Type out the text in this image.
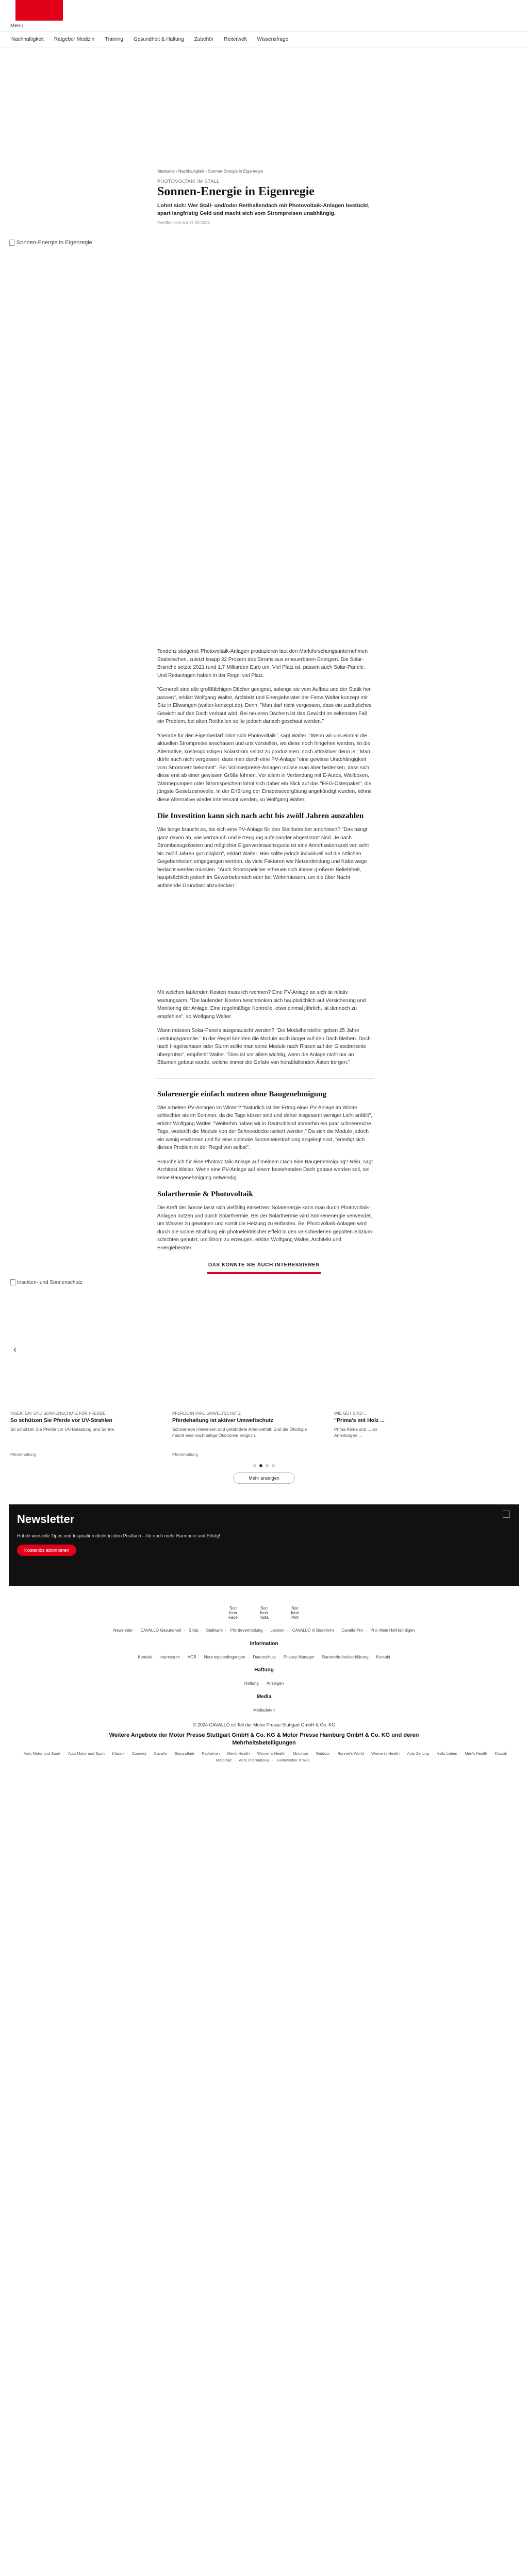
Menü
Nachhaltigkeit	Ratgeber Medizin	Training	Gesundheit & Haltung	Zubehör	Reiterwelt	Wissensfrage
Startseite › Nachhaltigkeit › Sonnen-Energie in Eigenregie
PHOTOVOLTAIK IM STALL
Sonnen-Energie in Eigenregie
Lohnt sich: Wer Stall- und/oder Reithallendach mit Photovoltaik-Anlagen bestückt, spart langfristig Geld und macht sich vom Strompreisen unabhängig.
Veröffentlicht am 17.03.2024
Sonnen-Energie in Eigenregie

Tendenz steigend: Photovoltaik-Anlagen produzieren laut den Marktforschungsunternehmen Statistischen, zuletzt knapp 22 Prozent des Stroms aus erneuerbaren Energien. Die Solar-Branche setzte 2021 rund 1,7 Milliarden Euro um. Viel Platz ist, passen auch Solar-Panele. Und Reitanlagen haben in der Regel viel Platz.

"Generell sind alle großflächigen Dächer geeignet, solange sie vom Aufbau und der Statik her passen", erklärt Wolfgang Walter, Architekt und Energieberater der Firma Walter konzept mit Sitz in Ellwangen (walter-konzept.de). Denn: "Man darf nicht vergessen, dass ein zusätzliches Gewicht auf das Dach verbaut wird. Bei neueren Dächern ist das Gewicht im seltensten Fall ein Problem, bei alten Reithallen sollte jedoch danach geschaut werden."

"Gerade für den Eigenbedarf lohnt sich Photovoltaik", sagt Walter. "Wenn wir uns einmal die aktuellen Strompreise anschauen und uns vorstellen, wo diese noch hingehen werden, ist die Alternative, kostengünstigen Solarstrom selbst zu produzieren, noch attraktiver denn je." Man dürfe auch nicht vergessen, dass man durch eine PV-Anlage "eine gewisse Unabhängigkeit vom Stromnetz bekommt". Bei Vollmietpreise-Anlagen müsse man aber bedenken, dass sich diese erst ab einer gewissen Größe lohnen. Vor allem in Verbindung mit E-Autos, Wallboxen, Wärmepumpen oder Stromspeichern lohnt sich daher ein Blick auf das "EEG-Osterpaket", die jüngste Gesetzesnovelle. In der Erfüllung der Einspeisevergütung angekündigt wurden, könne diese Alternative wieder interessant werden, so Wolfgang Walter.

Die Investition kann sich nach acht bis zwölf Jahren auszahlen

Wie lange braucht es, bis sich eine PV-Anlage für den Stallbetreiber amortisiert? "Das hängt ganz davon ab, wie Verbrauch und Erzeugung aufeinander abgestimmt sind. Je nach Strombezugskosten und möglicher Eigenverbrauchsquote ist eine Amortisationszeit von acht bis zwölf Jahren gut möglich", erklärt Walter. Hier sollte jedoch individuell auf die örtlichen Gegebenheiten eingegangen werden, da viele Faktoren wie Netzanbindung und Kabelwege bedacht werden müssten. "Auch Stromspeicher erfreuen sich immer größerer Beliebtheit, hauptsächlich jedoch im Gewerbebereich oder bei Wohnhäusern, um die über Nacht anfallende Grundlast abzudecken."

Mit welchen laufenden Kosten muss ich rechnen? Eine PV-Anlage an sich ist relativ wartungsarm. "Die laufenden Kosten beschränken sich hauptsächlich auf Versicherung und Monitoring der Anlage. Eine regelmäßige Kontrolle, etwa einmal jährlich, ist dennoch zu empfehlen", so Wolfgang Walter.

Wann müssen Solar-Panels ausgetauscht werden? "Die Modulhersteller geben 25 Jahre Leistungsgarantie." In der Regel könnten die Module auch länger auf den Dach bleiben. Doch nach Hagelschauer oder Sturm sollte man seine Module nach Rissen auf der Glasoberseite überprüfen", empfiehlt Walter. "Dies ist vor allem wichtig, wenn die Anlage nicht nur an Bäumen gebaut wurde, welche immer die Gefahr von herabfallenden Ästen bergen."

Solarenergie einfach nutzen ohne Baugenehmigung

Wie arbeiten PV-Anlagen im Winter? "Natürlich ist der Ertrag einer PV-Anlage im Winter schlechter als im Sommer, da die Tage kürzer sind und daher insgesamt weniger Licht anfällt", erklärt Wolfgang Walter. "Weiterhin haben wir in Deutschland immerhin ein paar schneereiche Tage, wodurch die Module von der Schneedecke isoliert werden." Da sich die Module jedoch ein wenig erwärmen und für eine optimale Sonneneinstrahlung angelegt sind, "erledigt sich dieses Problem in der Regel von selbst".

Brauche ich für eine Photovoltaik-Anlage auf meinem Dach eine Baugenehmigung? Nein, sagt Architekt Walter. Wenn eine PV-Anlage auf einem bestehenden Dach gebaut werden soll, sei keine Baugenehmigung notwendig.

Solarthermie & Photovoltaik

Die Kraft der Sonne lässt sich vielfältig einsetzen: Solarenergie kann man durch Photovoltaik-Anlagen nutzen und durch Solarthermie. Bei der Solarthermie wird Sonnenenergie verwendet, um Wasser zu gewinnen und somit die Heizung zu entlasten. Bei Photovoltaik-Anlagen wird durch die solare Strahlung ein photoelektrischer Effekt in den verschiedenen gepolten Silizium-schichten genutzt, um Strom zu erzeugen, erklärt Wolfgang Walter, Architekt und Energieberater.

DAS KÖNNTE SIE AUCH INTERESSIEREN
Insekten- und Sonnenschutz
INSEKTEN- UND SONNENSCHUTZ FÜR PFERDE
So schützen Sie Pferde vor UV-Strahlen
So schützen Sie Pferde vor UV-Belastung und Sonne.
Pferdehaltung
PFERDE IN IHRE UMWELTSCHUTZ
Pferdehaltung ist aktiver Umweltschutz
Schwierede Heiweisen und gefährdete Artenvielfalt. Erst die Ökologie macht eine nachhaltige Ökonomie möglich.
Pferdehaltung
WIE GUT SIND ...
"Prima's mit Holz ...
Prima Klima und ... an Anleitungen ...
‹
Mehr anzeigen
Newsletter

Hol dir wertvolle Tipps und Inspiration direkt in dein Postfach – für noch mehr Harmonie und Erfolg!

Kostenlos abonnieren
Soc Icon Face
Soc Icon Insta
Soc Icon Pint
Newsletter · CAVALLO Gesundheit · Shop · Stallwahl · Pferdevermittlung · Lexikon · CAVALLO in Bookform · Cavallo Pro · Pro: Mein Heft kündigen
Information
Kontakt · Impressum · AGB · Nutzungsbedingungen · Datenschutz · Privacy Manager · Barrierefreiheitserklärung · Kontakt
Haftung
Haftung · Anzeigen
Media
Mediadaten
© 2024 CAVALLO ist Teil der Motor Presse Stuttgart GmbH & Co. KG
Weitere Angebote der Motor Presse Stuttgart GmbH & Co. KG & Motor Presse Hamburg GmbH & Co. KG und deren Mehrheitsbeteiligungen
Auto Motor und Sport · Auto Motor und Sport · Klassik · Connect · Cavallo · Gesundheit · Radfahren · Men's Health · Women's Health · Motorrad · Outdoor · Runner's World · Women's Health · Auto Zeitung · Hallo Leben · Men's Health · Klassik Motorrad · Aero International · Heimwerker Praxis
